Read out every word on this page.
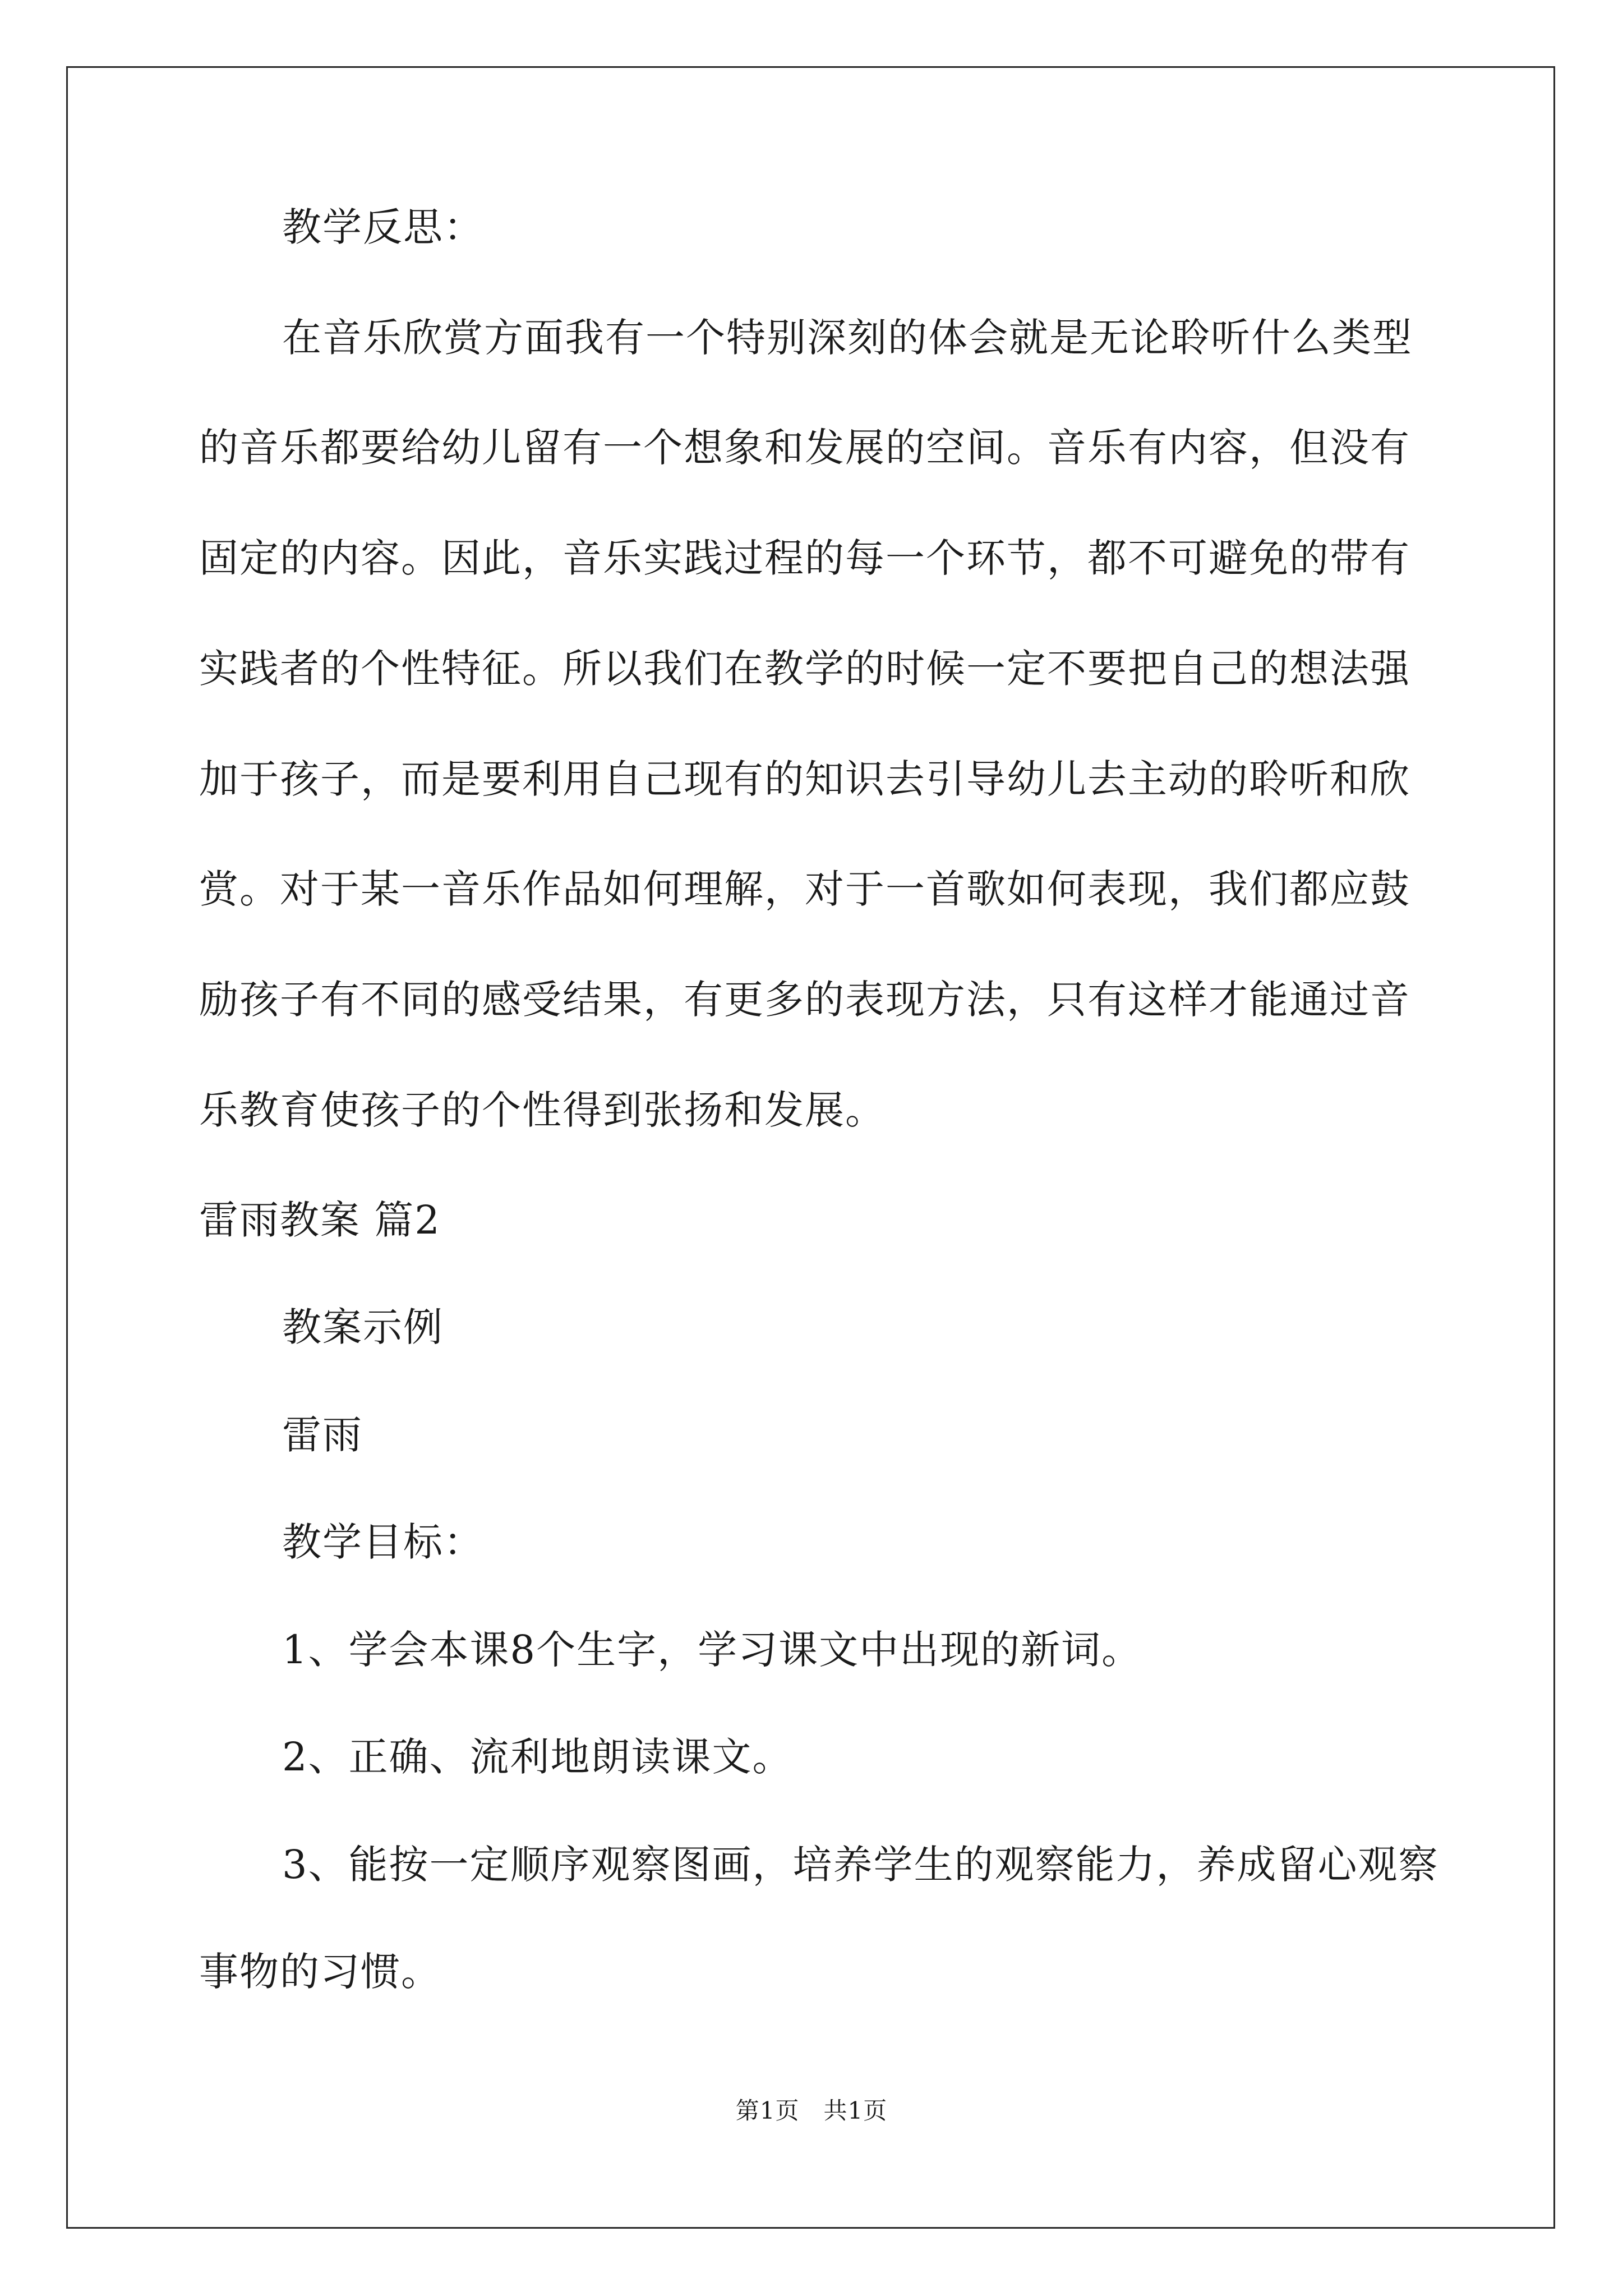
教学反思：
在音乐欣赏方面我有一个特别深刻的体会就是无论聆听什么类型
的音乐都要给幼儿留有一个想象和发展的空间。音乐有内容，但没有
固定的内容。因此，音乐实践过程的每一个环节，都不可避免的带有
实践者的个性特征。所以我们在教学的时候一定不要把自己的想法强
加于孩子，而是要利用自己现有的知识去引导幼儿去主动的聆听和欣
赏。对于某一音乐作品如何理解，对于一首歌如何表现，我们都应鼓
励孩子有不同的感受结果，有更多的表现方法，只有这样才能通过音
乐教育使孩子的个性得到张扬和发展。
雷雨教案 篇2
教案示例
雷雨
教学目标：
1、学会本课8个生字，学习课文中出现的新词。
2、正确、流利地朗读课文。
3、能按一定顺序观察图画，培养学生的观察能力，养成留心观察
事物的习惯。
第1页　共1页
